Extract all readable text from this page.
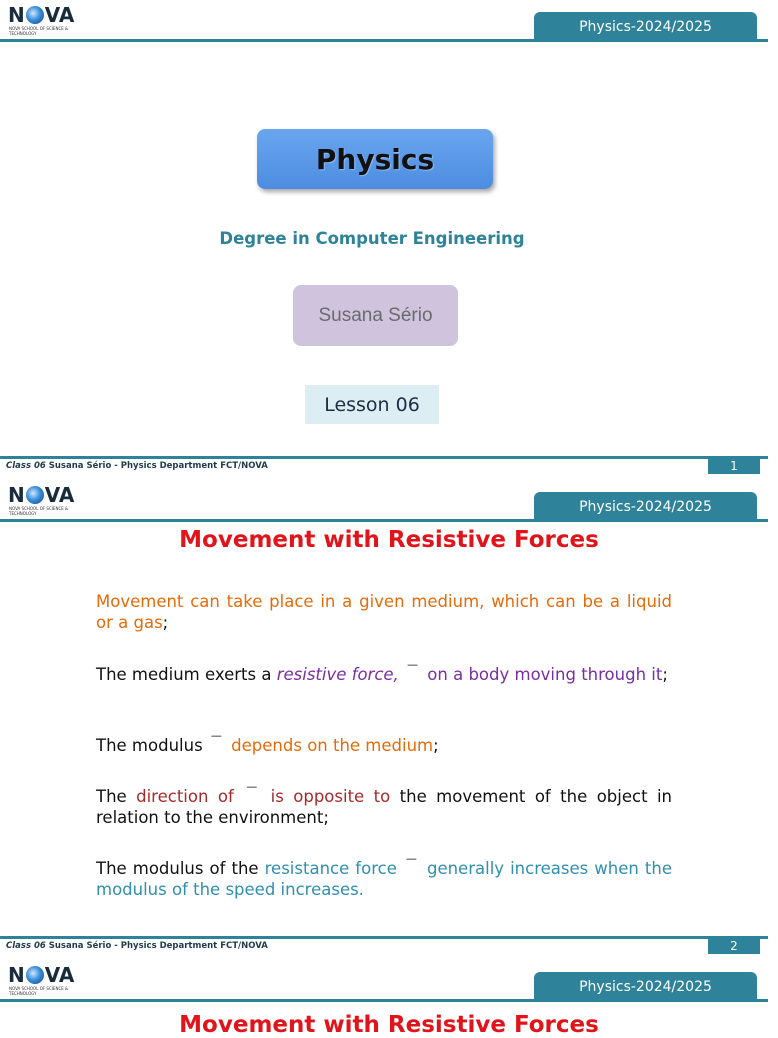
N VA
NOVA SCHOOL OF SCIENCE & TECHNOLOGY	Physics-2024/2025
Physics
Degree in Computer Engineering
Susana Sério
Lesson 06
Class 06 Susana Sério - Physics Department FCT/NOVA	1
N VA
NOVA SCHOOL OF SCIENCE & TECHNOLOGY	Physics-2024/2025
Movement with Resistive Forces
Movement can take place in a given medium, which can be a liquid or a gas;
The medium exerts a resistive force, — on a body moving through it;
The modulus — depends on the medium;
The direction of — is opposite to the movement of the object in relation to the environment;
The modulus of the resistance force — generally increases when the modulus of the speed increases.
Class 06 Susana Sério - Physics Department FCT/NOVA	2
N VA
NOVA SCHOOL OF SCIENCE & TECHNOLOGY	Physics-2024/2025
Movement with Resistive Forces
